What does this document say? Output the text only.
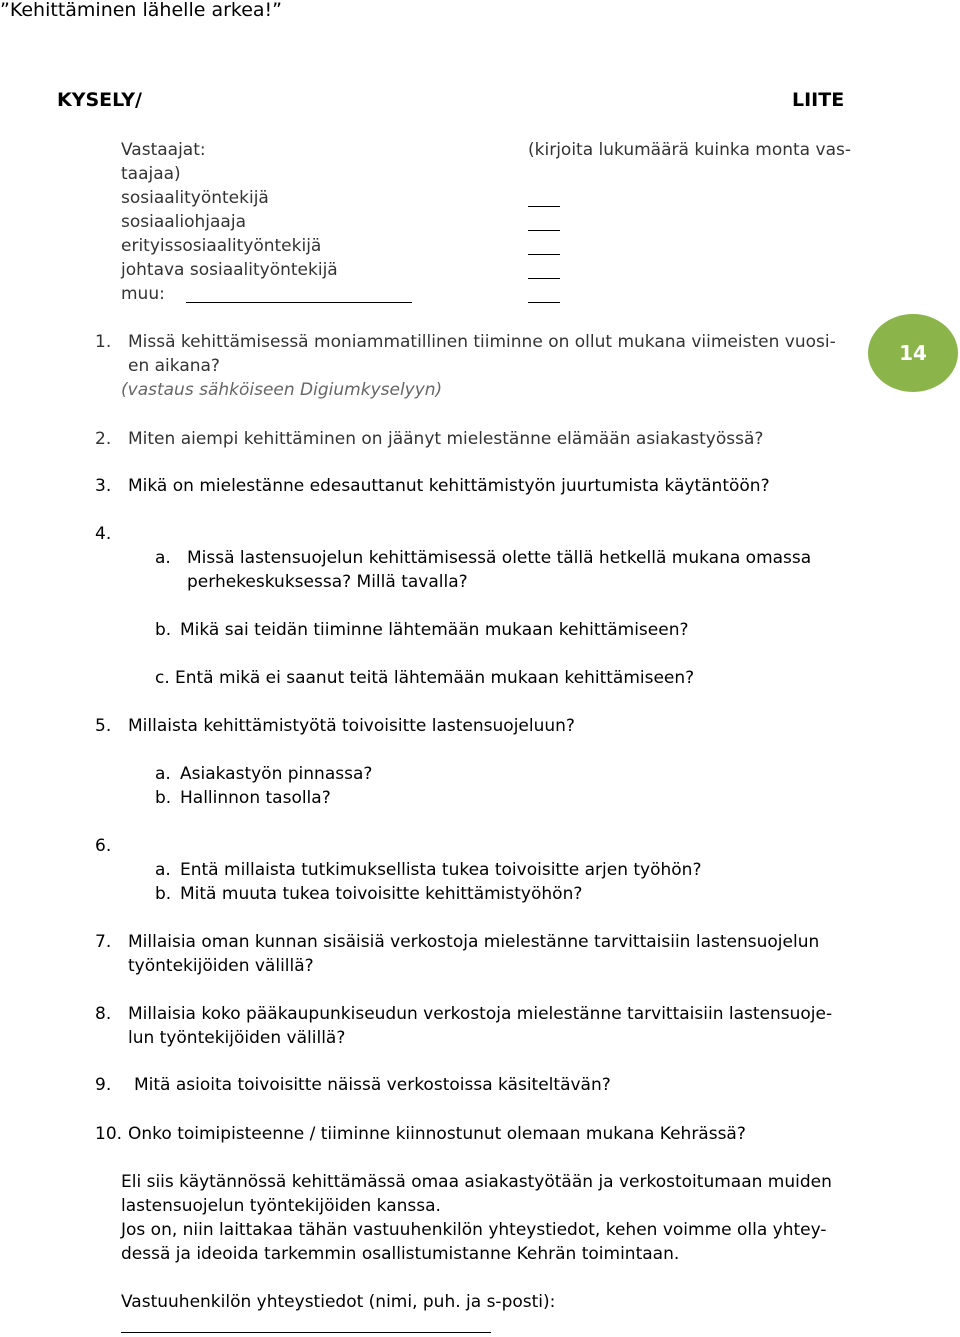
”Kehittäminen lähelle arkea!”
KYSELY/	LIITE
Vastaajat:	(kirjoita lukumäärä kuinka monta vas-
taajaa)
sosiaalityöntekijä
sosiaaliohjaaja
erityissosiaalityöntekijä
johtava sosiaalityöntekijä
muu:
14
1. Missä kehittämisessä moniammatillinen tiiminne on ollut mukana viimeisten vuosi-
en aikana?
(vastaus sähköiseen Digiumkyselyyn)
2. Miten aiempi kehittäminen on jäänyt mielestänne elämään asiakastyössä?
3. Mikä on mielestänne edesauttanut kehittämistyön juurtumista käytäntöön?
4.
a. Missä lastensuojelun kehittämisessä olette tällä hetkellä mukana omassa
perhekeskuksessa? Millä tavalla?
b. Mikä sai teidän tiiminne lähtemään mukaan kehittämiseen?
c. Entä mikä ei saanut teitä lähtemään mukaan kehittämiseen?
5. Millaista kehittämistyötä toivoisitte lastensuojeluun?
a. Asiakastyön pinnassa?
b. Hallinnon tasolla?
6.
a. Entä millaista tutkimuksellista tukea toivoisitte arjen työhön?
b. Mitä muuta tukea toivoisitte kehittämistyöhön?
7. Millaisia oman kunnan sisäisiä verkostoja mielestänne tarvittaisiin lastensuojelun
työntekijöiden välillä?
8. Millaisia koko pääkaupunkiseudun verkostoja mielestänne tarvittaisiin lastensuoje-
lun työntekijöiden välillä?
9. Mitä asioita toivoisitte näissä verkostoissa käsiteltävän?
10. Onko toimipisteenne / tiiminne kiinnostunut olemaan mukana Kehrässä?
Eli siis käytännössä kehittämässä omaa asiakastyötään ja verkostoitumaan muiden
lastensuojelun työntekijöiden kanssa.
Jos on, niin laittakaa tähän vastuuhenkilön yhteystiedot, kehen voimme olla yhtey-
dessä ja ideoida tarkemmin osallistumistanne Kehrän toimintaan.
Vastuuhenkilön yhteystiedot (nimi, puh. ja s-posti):
